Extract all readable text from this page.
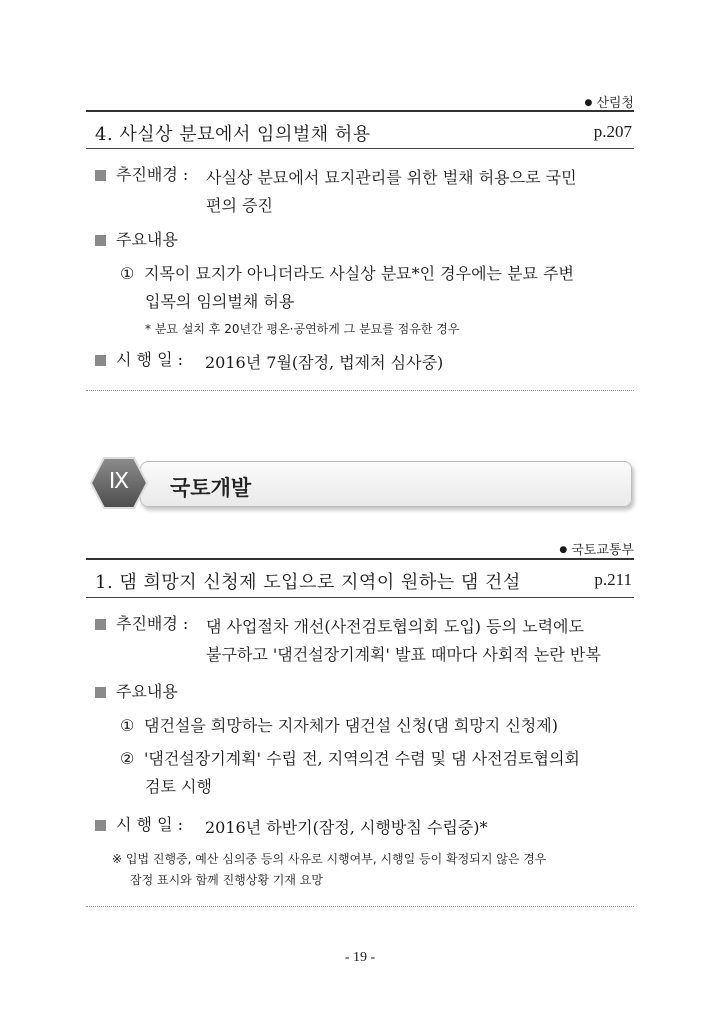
● 산림청
4. 사실상 분묘에서 임의벌채 허용	p.207
추진배경 : 사실상 분묘에서 묘지관리를 위한 벌채 허용으로 국민
편의 증진
주요내용
① 지목이 묘지가 아니더라도 사실상 분묘*인 경우에는 분묘 주변
입목의 임의벌채 허용
* 분묘 설치 후 20년간 평온·공연하게 그 분묘를 점유한 경우
시 행 일 : 2016년 7월(잠정, 법제처 심사중)
Ⅸ	국토개발
● 국토교통부
1. 댐 희망지 신청제 도입으로 지역이 원하는 댐 건설	p.211
추진배경 : 댐 사업절차 개선(사전검토협의회 도입) 등의 노력에도
불구하고 '댐건설장기계획' 발표 때마다 사회적 논란 반복
주요내용
① 댐건설을 희망하는 지자체가 댐건설 신청(댐 희망지 신청제)
② '댐건설장기계획' 수립 전, 지역의견 수렴 및 댐 사전검토협의회
검토 시행
시 행 일 : 2016년 하반기(잠정, 시행방침 수립중)*
※ 입법 진행중, 예산 심의중 등의 사유로 시행여부, 시행일 등이 확정되지 않은 경우
잠정 표시와 함께 진행상황 기재 요망
- 19 -
